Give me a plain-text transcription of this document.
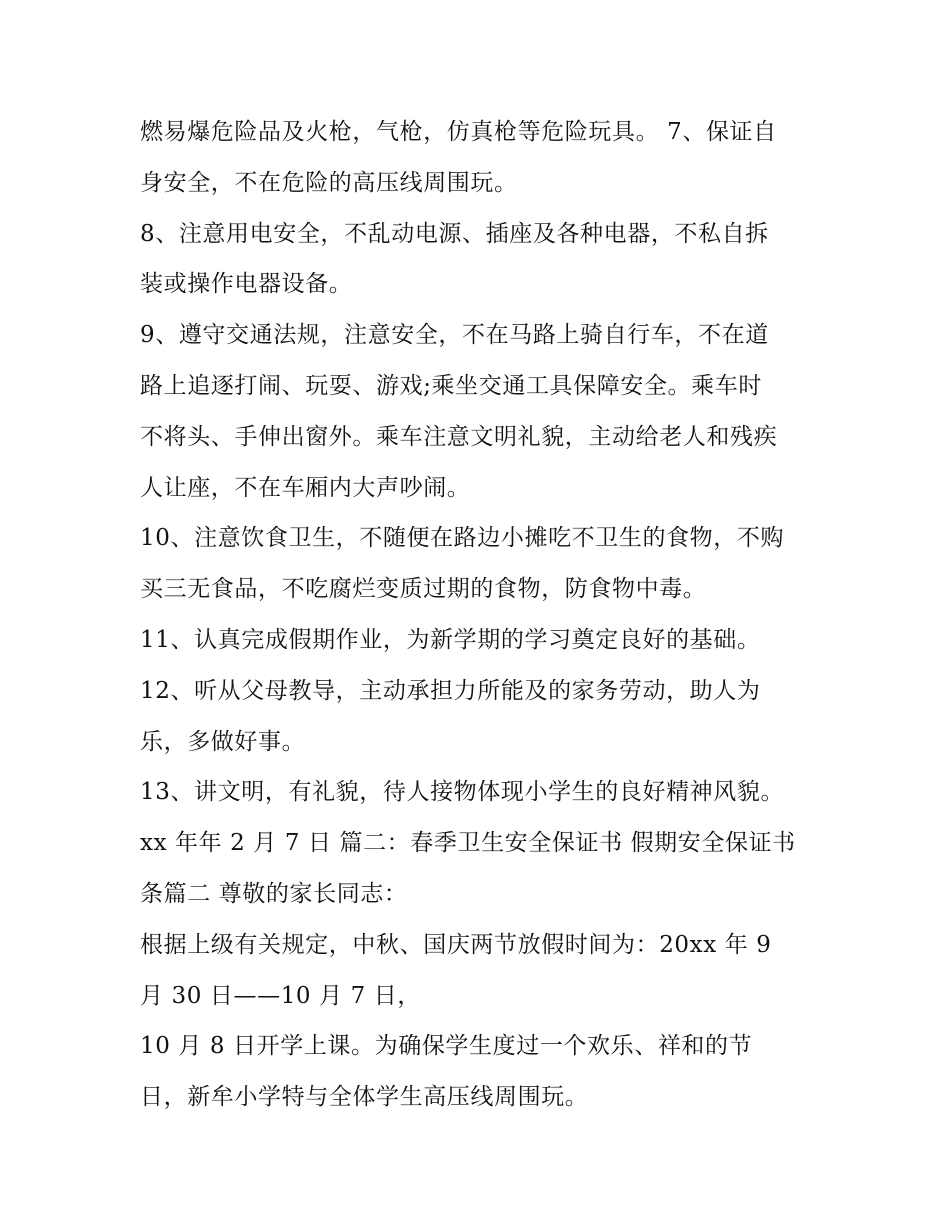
燃易爆危险品及火枪，气枪，仿真枪等危险玩具。 7、保证自
身安全，不在危险的高压线周围玩。
8、注意用电安全，不乱动电源、插座及各种电器，不私自拆
装或操作电器设备。
9、遵守交通法规，注意安全，不在马路上骑自行车，不在道
路上追逐打闹、玩耍、游戏;乘坐交通工具保障安全。乘车时
不将头、手伸出窗外。乘车注意文明礼貌，主动给老人和残疾
人让座，不在车厢内大声吵闹。
10、注意饮食卫生，不随便在路边小摊吃不卫生的食物，不购
买三无食品，不吃腐烂变质过期的食物，防食物中毒。
11、认真完成假期作业，为新学期的学习奠定良好的基础。
12、听从父母教导，主动承担力所能及的家务劳动，助人为
乐，多做好事。
13、讲文明，有礼貌，待人接物体现小学生的良好精神风貌。
xx 年年 2 月 7 日 篇二：春季卫生安全保证书 假期安全保证书
条篇二 尊敬的家长同志：
根据上级有关规定，中秋、国庆两节放假时间为：20xx 年 9
月 30 日——10 月 7 日，
10 月 8 日开学上课。为确保学生度过一个欢乐、祥和的节
日，新牟小学特与全体学生高压线周围玩。
